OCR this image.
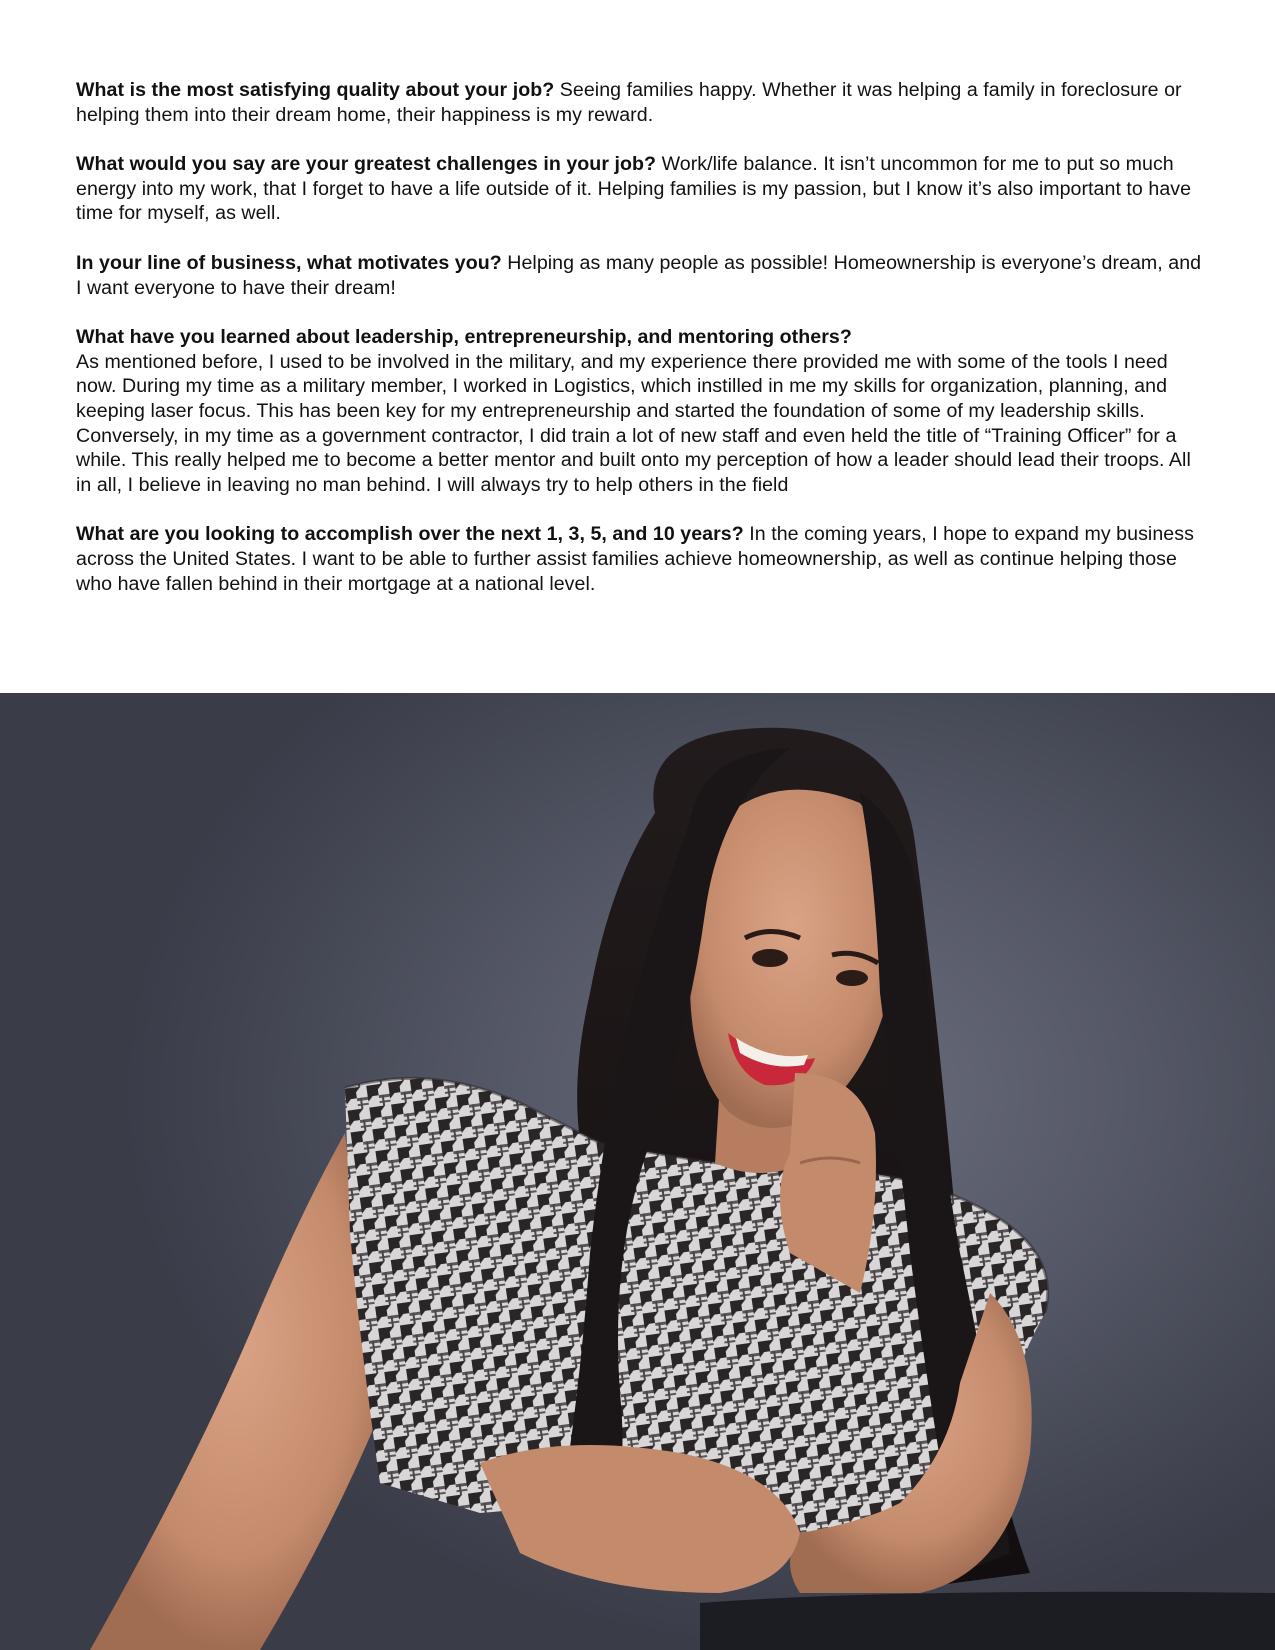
What is the most satisfying quality about your job? Seeing families happy. Whether it was helping a family in foreclosure or helping them into their dream home, their happiness is my reward.

What would you say are your greatest challenges in your job? Work/life balance. It isn’t uncommon for me to put so much energy into my work, that I forget to have a life outside of it. Helping families is my passion, but I know it’s also important to have time for myself, as well.

In your line of business, what motivates you? Helping as many people as possible! Homeownership is everyone’s dream, and I want everyone to have their dream!

What have you learned about leadership, entrepreneurship, and mentoring others?
As mentioned before, I used to be involved in the military, and my experience there provided me with some of the tools I need now. During my time as a military member, I worked in Logistics, which instilled in me my skills for organization, planning, and keeping laser focus. This has been key for my entrepreneurship and started the foundation of some of my leadership skills. Conversely, in my time as a government contractor, I did train a lot of new staff and even held the title of “Training Officer” for a while. This really helped me to become a better mentor and built onto my perception of how a leader should lead their troops. All in all, I believe in leaving no man behind. I will always try to help others in the field

What are you looking to accomplish over the next 1, 3, 5, and 10 years? In the coming years, I hope to expand my business across the United States. I want to be able to further assist families achieve homeownership, as well as continue helping those who have fallen behind in their mortgage at a national level.
